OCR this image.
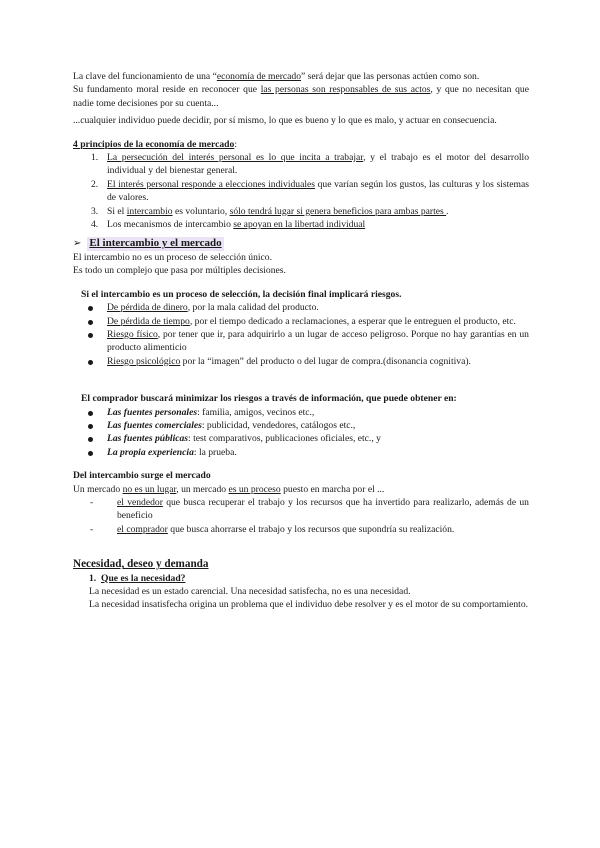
La clave del funcionamiento de una “economía de mercado” será dejar que las personas actúen como son.

Su fundamento moral reside en reconocer que las personas son responsables de sus actos, y que no necesitan que nadie tome decisiones por su cuenta...

...cualquier individuo puede decidir, por sí mismo, lo que es bueno y lo que es malo, y actuar en consecuencia.

4 principios de la economía de mercado:

1. La persecución del interés personal es lo que incita a trabajar, y el trabajo es el motor del desarrollo individual y del bienestar general.
2. El interés personal responde a elecciones individuales que varían según los gustos, las culturas y los sistemas de valores.
3. Si el intercambio es voluntario, sólo tendrá lugar si genera beneficios para ambas partes .
4. Los mecanismos de intercambio se apoyan en la libertad individual
➢ El intercambio y el mercado

El intercambio no es un proceso de selección único.

Es todo un complejo que pasa por múltiples decisiones.

Si el intercambio es un proceso de selección, la decisión final implicará riesgos.

De pérdida de dinero, por la mala calidad del producto.
De pérdida de tiempo, por el tiempo dedicado a reclamaciones, a esperar que le entreguen el producto, etc.
Riesgo físico, por tener que ir, para adquirirlo a un lugar de acceso peligroso. Porque no hay garantías en un producto alimenticio
Riesgo psicológico por la “imagen” del producto o del lugar de compra.(disonancia cognitiva).

El comprador buscará minimizar los riesgos a través de información, que puede obtener en:

Las fuentes personales: familia, amigos, vecinos etc.,
Las fuentes comerciales: publicidad, vendedores, catálogos etc.,
Las fuentes públicas: test comparativos, publicaciones oficiales, etc., y
La propia experiencia: la prueba.

Del intercambio surge el mercado

Un mercado no es un lugar, un mercado es un proceso puesto en marcha por el ...

- el vendedor que busca recuperar el trabajo y los recursos que ha invertido para realizarlo, además de un beneficio
- el comprador que busca ahorrarse el trabajo y los recursos que supondría su realización.

Necesidad, deseo y demanda

1. Que es la necesidad?

La necesidad es un estado carencial. Una necesidad satisfecha, no es una necesidad.

La necesidad insatisfecha origina un problema que el individuo debe resolver y es el motor de su comportamiento.
